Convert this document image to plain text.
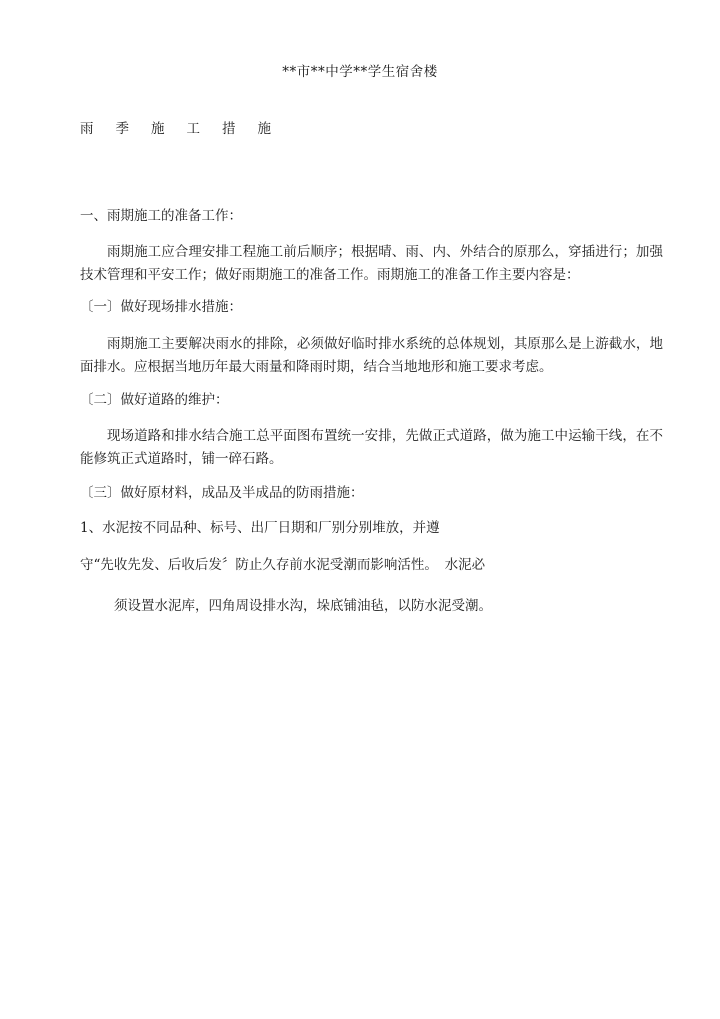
**市**中学**学生宿舍楼

雨 季 施 工 措 施

一、雨期施工的准备工作：

雨期施工应合理安排工程施工前后顺序；根据晴、雨、内、外结合的原那么，穿插进行；加强技术管理和平安工作；做好雨期施工的准备工作。雨期施工的准备工作主要内容是：

〔一〕做好现场排水措施：

雨期施工主要解决雨水的排除，必须做好临时排水系统的总体规划，其原那么是上游截水，地面排水。应根据当地历年最大雨量和降雨时期，结合当地地形和施工要求考虑。

〔二〕做好道路的维护：

现场道路和排水结合施工总平面图布置统一安排，先做正式道路，做为施工中运输干线，在不能修筑正式道路时，铺一碎石路。

〔三〕做好原材料，成品及半成品的防雨措施：

1、水泥按不同品种、标号、出厂日期和厂别分别堆放，并遵

守“先收先发、后收后发〞防止久存前水泥受潮而影响活性。　水泥必

须设置水泥库，四角周设排水沟，垛底铺油毡，以防水泥受潮。
